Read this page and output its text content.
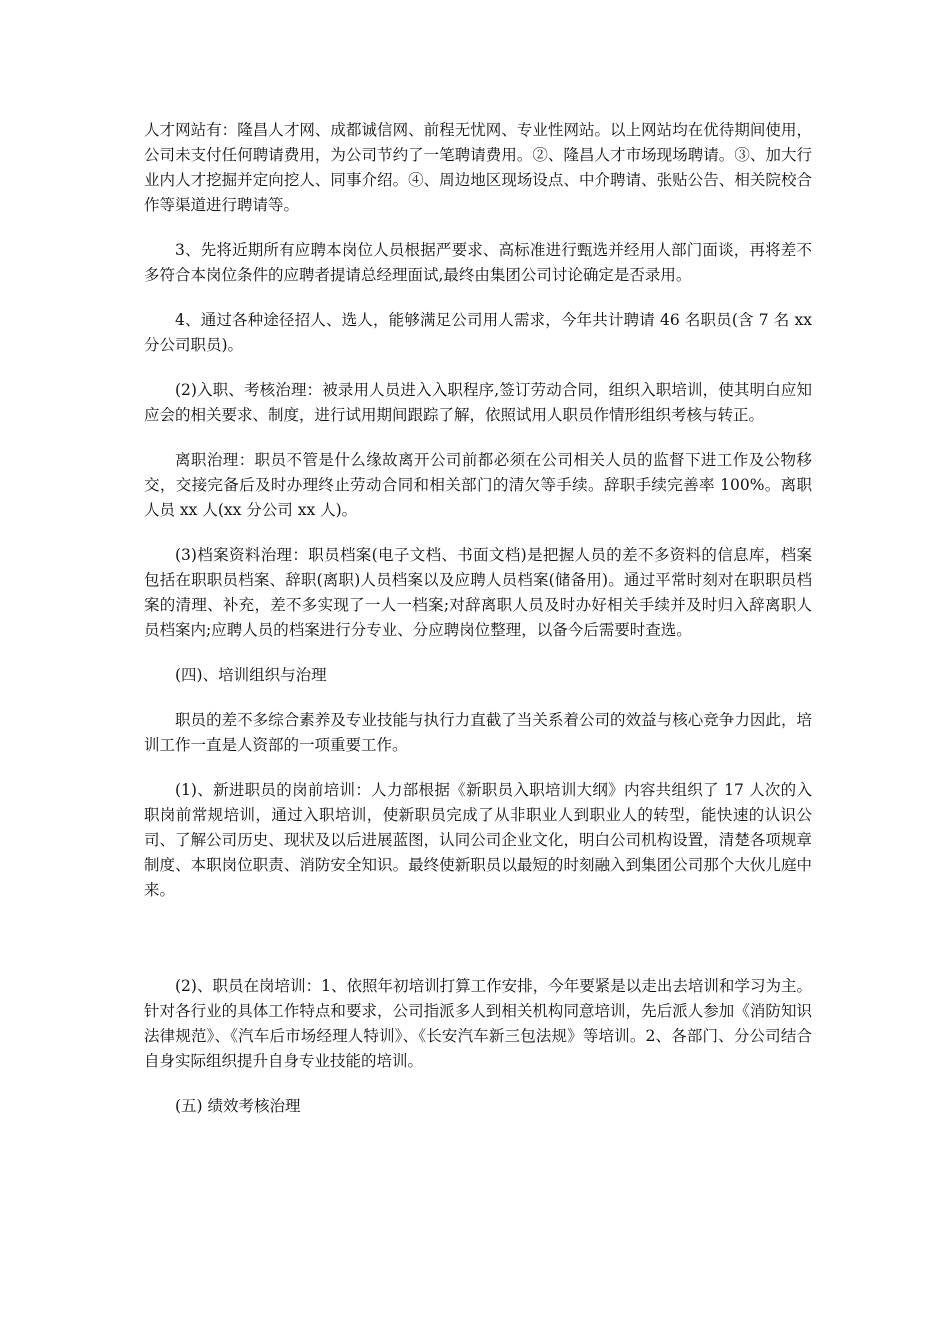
人才网站有：隆昌人才网、成都诚信网、前程无忧网、专业性网站。以上网站均在优待期间使用，公司未支付任何聘请费用，为公司节约了一笔聘请费用。②、隆昌人才市场现场聘请。③、加大行业内人才挖掘并定向挖人、同事介绍。④、周边地区现场设点、中介聘请、张贴公告、相关院校合作等渠道进行聘请等。

3、先将近期所有应聘本岗位人员根据严要求、高标准进行甄选并经用人部门面谈，再将差不多符合本岗位条件的应聘者提请总经理面试,最终由集团公司讨论确定是否录用。

4、通过各种途径招人、选人，能够满足公司用人需求，今年共计聘请 46 名职员(含 7 名 xx 分公司职员)。

(2)入职、考核治理：被录用人员进入入职程序,签订劳动合同，组织入职培训，使其明白应知应会的相关要求、制度，进行试用期间跟踪了解，依照试用人职员作情形组织考核与转正。

离职治理：职员不管是什么缘故离开公司前都必须在公司相关人员的监督下进工作及公物移交，交接完备后及时办理终止劳动合同和相关部门的清欠等手续。辞职手续完善率 100%。离职人员 xx 人(xx 分公司 xx 人)。

(3)档案资料治理：职员档案(电子文档、书面文档)是把握人员的差不多资料的信息库，档案包括在职职员档案、辞职(离职)人员档案以及应聘人员档案(储备用)。通过平常时刻对在职职员档案的清理、补充，差不多实现了一人一档案;对辞离职人员及时办好相关手续并及时归入辞离职人员档案内;应聘人员的档案进行分专业、分应聘岗位整理，以备今后需要时查选。

(四)、培训组织与治理

职员的差不多综合素养及专业技能与执行力直截了当关系着公司的效益与核心竞争力因此，培训工作一直是人资部的一项重要工作。

(1)、新进职员的岗前培训：人力部根据《新职员入职培训大纲》内容共组织了 17 人次的入职岗前常规培训，通过入职培训，使新职员完成了从非职业人到职业人的转型，能快速的认识公司、了解公司历史、现状及以后进展蓝图，认同公司企业文化，明白公司机构设置，清楚各项规章制度、本职岗位职责、消防安全知识。最终使新职员以最短的时刻融入到集团公司那个大伙儿庭中来。

(2)、职员在岗培训：1、依照年初培训打算工作安排，今年要紧是以走出去培训和学习为主。针对各行业的具体工作特点和要求，公司指派多人到相关机构同意培训，先后派人参加《消防知识法律规范》、《汽车后市场经理人特训》、《长安汽车新三包法规》等培训。2、各部门、分公司结合自身实际组织提升自身专业技能的培训。

(五) 绩效考核治理
